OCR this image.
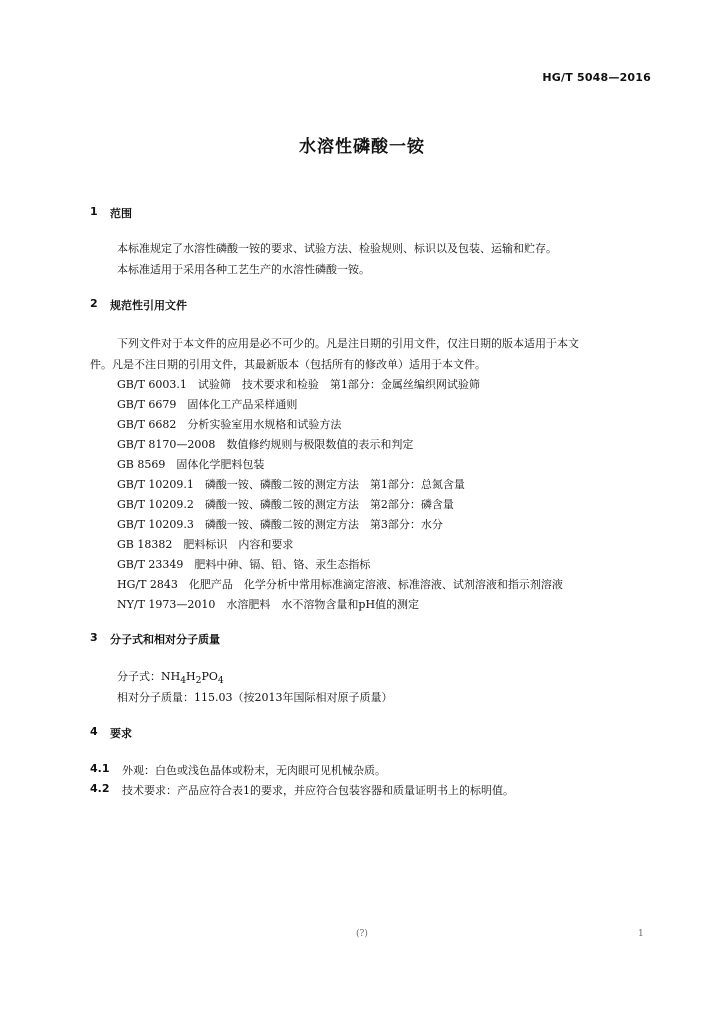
HG/T 5048—2016
水溶性磷酸一铵
1 范围
本标准规定了水溶性磷酸一铵的要求、试验方法、检验规则、标识以及包装、运输和贮存。
本标准适用于采用各种工艺生产的水溶性磷酸一铵。
2 规范性引用文件
下列文件对于本文件的应用是必不可少的。凡是注日期的引用文件，仅注日期的版本适用于本文
件。凡是不注日期的引用文件，其最新版本（包括所有的修改单）适用于本文件。
GB/T 6003.1　试验筛　技术要求和检验　第1部分：金属丝编织网试验筛
GB/T 6679　固体化工产品采样通则
GB/T 6682　分析实验室用水规格和试验方法
GB/T 8170—2008　数值修约规则与极限数值的表示和判定
GB 8569　固体化学肥料包装
GB/T 10209.1　磷酸一铵、磷酸二铵的测定方法　第1部分：总氮含量
GB/T 10209.2　磷酸一铵、磷酸二铵的测定方法　第2部分：磷含量
GB/T 10209.3　磷酸一铵、磷酸二铵的测定方法　第3部分：水分
GB 18382　肥料标识　内容和要求
GB/T 23349　肥料中砷、镉、铅、铬、汞生态指标
HG/T 2843　化肥产品　化学分析中常用标准滴定溶液、标准溶液、试剂溶液和指示剂溶液
NY/T 1973—2010　水溶肥料　水不溶物含量和pH值的测定
3 分子式和相对分子质量
分子式：$NH_4H_2PO_4$
相对分子质量：115.03（按2013年国际相对原子质量）
4 要求
4.1 外观：白色或浅色晶体或粉末，无肉眼可见机械杂质。
4.2 技术要求：产品应符合表1的要求，并应符合包装容器和质量证明书上的标明值。
(?)	1
